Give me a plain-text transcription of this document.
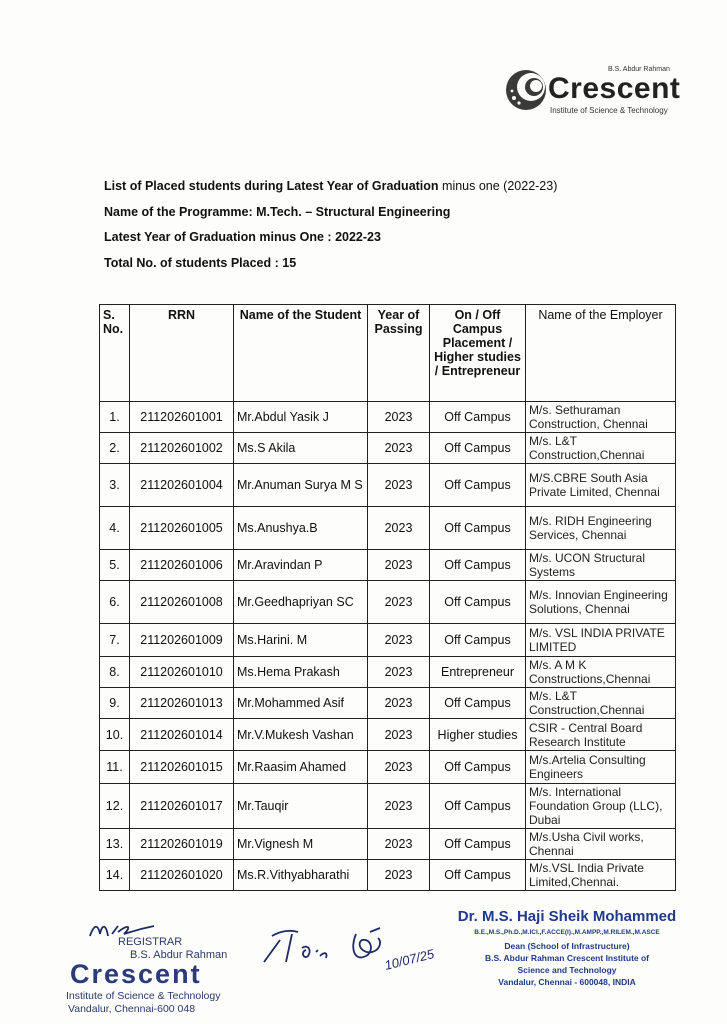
B.S. Abdur Rahman
Crescent
Institute of Science & Technology
List of Placed students during Latest Year of Graduation minus one (2022-23)
Name of the Programme: M.Tech. – Structural Engineering
Latest Year of Graduation minus One : 2022-23
Total No. of students Placed : 15
S. No.	RRN	Name of the Student	Year of Passing	On / Off Campus Placement / Higher studies / Entrepreneur	Name of the Employer
1.	211202601001	Mr.Abdul Yasik J	2023	Off Campus	M/s. Sethuraman Construction, Chennai
2.	211202601002	Ms.S Akila	2023	Off Campus	M/s. L&T Construction,Chennai
3.	211202601004	Mr.Anuman Surya M S	2023	Off Campus	M/S.CBRE South Asia Private Limited, Chennai
4.	211202601005	Ms.Anushya.B	2023	Off Campus	M/s. RIDH Engineering Services, Chennai
5.	211202601006	Mr.Aravindan P	2023	Off Campus	M/s. UCON Structural Systems
6.	211202601008	Mr.Geedhapriyan SC	2023	Off Campus	M/s. Innovian Engineering Solutions, Chennai
7.	211202601009	Ms.Harini. M	2023	Off Campus	M/s. VSL INDIA PRIVATE LIMITED
8.	211202601010	Ms.Hema Prakash	2023	Entrepreneur	M/s. A M K Constructions,Chennai
9.	211202601013	Mr.Mohammed Asif	2023	Off Campus	M/s. L&T Construction,Chennai
10.	211202601014	Mr.V.Mukesh Vashan	2023	Higher studies	CSIR - Central Board Research Institute
11.	211202601015	Mr.Raasim Ahamed	2023	Off Campus	M/s.Artelia Consulting Engineers
12.	211202601017	Mr.Tauqir	2023	Off Campus	M/s. International Foundation Group (LLC), Dubai
13.	211202601019	Mr.Vignesh M	2023	Off Campus	M/s.Usha Civil works, Chennai
14.	211202601020	Ms.R.Vithyabharathi	2023	Off Campus	M/s.VSL India Private Limited,Chennai.
REGISTRAR
B.S. Abdur Rahman
Crescent
Institute of Science & Technology
Vandalur, Chennai-600 048
10/07/25
Dr. M.S. Haji Sheik Mohammed
B.E.,M.S.,Ph.D.,M.ICI.,F.ACCE(I).,M.AMPP.,M.RILEM.,M.ASCE
Dean (School of Infrastructure)
B.S. Abdur Rahman Crescent Institute of
Science and Technology
Vandalur, Chennai - 600048, INDIA
